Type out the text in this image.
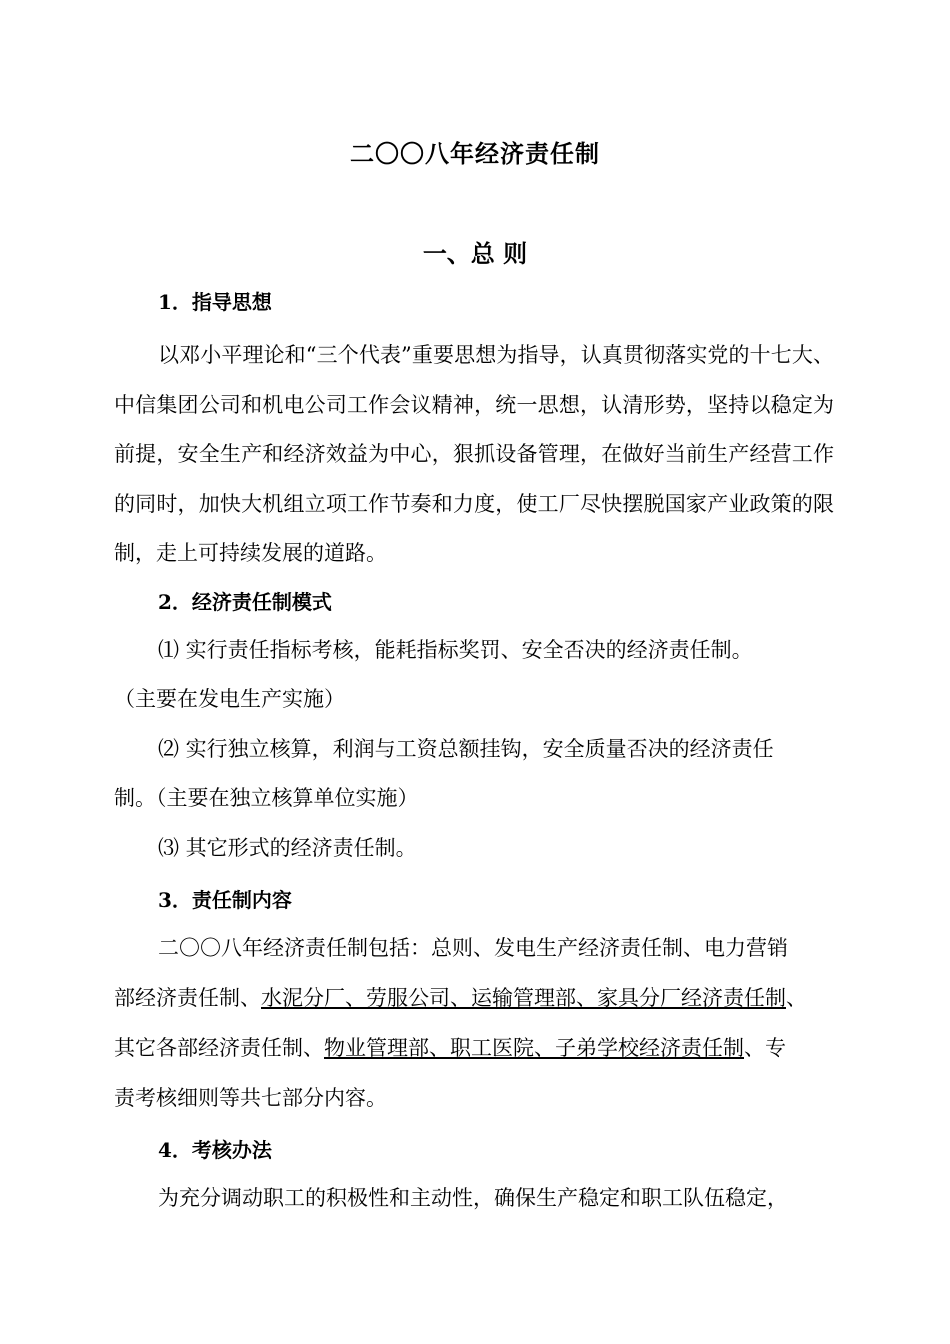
二〇〇八年经济责任制
一、总 则
1．指导思想

以邓小平理论和“三个代表”重要思想为指导，认真贯彻落实党的十七大、中信集团公司和机电公司工作会议精神，统一思想，认清形势，坚持以稳定为前提，安全生产和经济效益为中心，狠抓设备管理，在做好当前生产经营工作的同时，加快大机组立项工作节奏和力度，使工厂尽快摆脱国家产业政策的限制，走上可持续发展的道路。

2．经济责任制模式
⑴ 实行责任指标考核，能耗指标奖罚、安全否决的经济责任制。
（主要在发电生产实施）
⑵ 实行独立核算，利润与工资总额挂钩，安全质量否决的经济责任
制。（主要在独立核算单位实施）
⑶ 其它形式的经济责任制。
3．责任制内容
二〇〇八年经济责任制包括：总则、发电生产经济责任制、电力营销
部经济责任制、水泥分厂、劳服公司、运输管理部、家具分厂经济责任制、
其它各部经济责任制、物业管理部、职工医院、子弟学校经济责任制、专
责考核细则等共七部分内容。
4．考核办法
为充分调动职工的积极性和主动性，确保生产稳定和职工队伍稳定，
